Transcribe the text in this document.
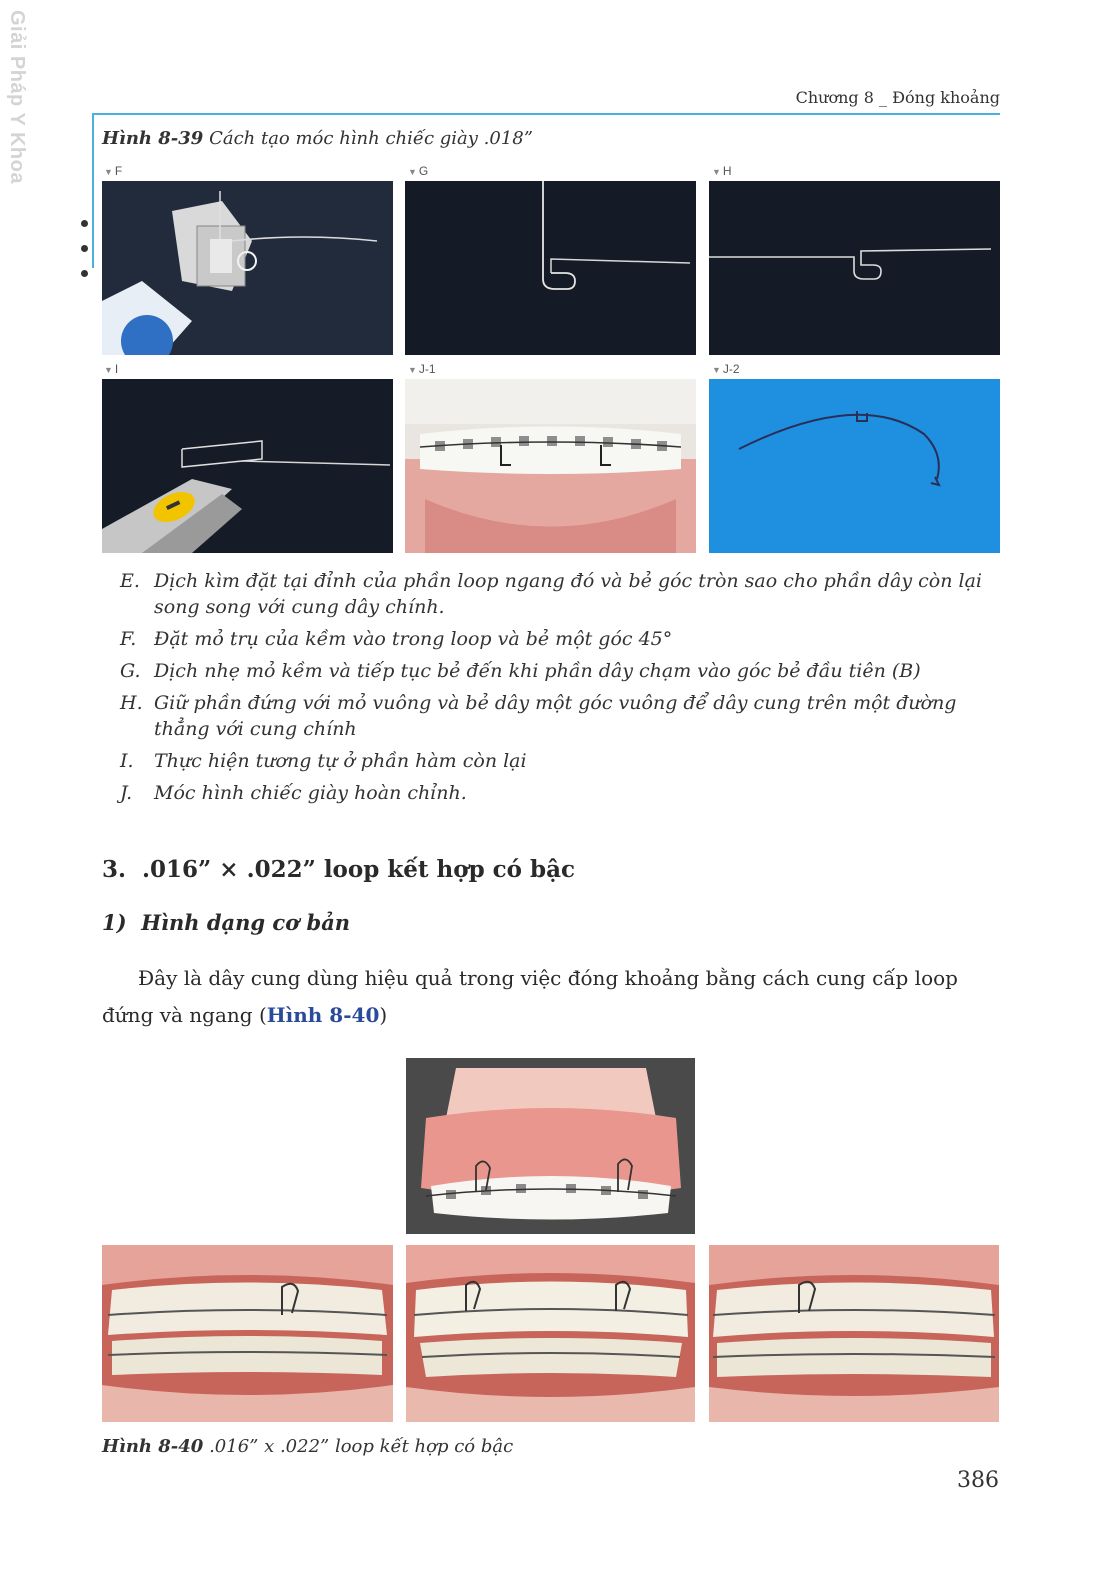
Giải Pháp Y Khoa	Chương 8 _ Đóng khoảng
Hình 8-39 Cách tạo móc hình chiếc giày .018”
▼ F	▼ G	▼ H
▼ I	▼ J-1	▼ J-2
E. Dịch kìm đặt tại đỉnh của phần loop ngang đó và bẻ góc tròn sao cho phần dây còn lại song song với cung dây chính.
F. Đặt mỏ trụ của kềm vào trong loop và bẻ một góc 45°
G. Dịch nhẹ mỏ kềm và tiếp tục bẻ đến khi phần dây chạm vào góc bẻ đầu tiên (B)
H. Giữ phần đứng với mỏ vuông và bẻ dây một góc vuông để dây cung trên một đường thẳng với cung chính
I. Thực hiện tương tự ở phần hàm còn lại
J. Móc hình chiếc giày hoàn chỉnh.
3. .016” × .022” loop kết hợp có bậc
1) Hình dạng cơ bản

Đây là dây cung dùng hiệu quả trong việc đóng khoảng bằng cách cung cấp loop đứng và ngang (Hình 8-40)

Hình 8-40 .016” x .022” loop kết hợp có bậc
386
